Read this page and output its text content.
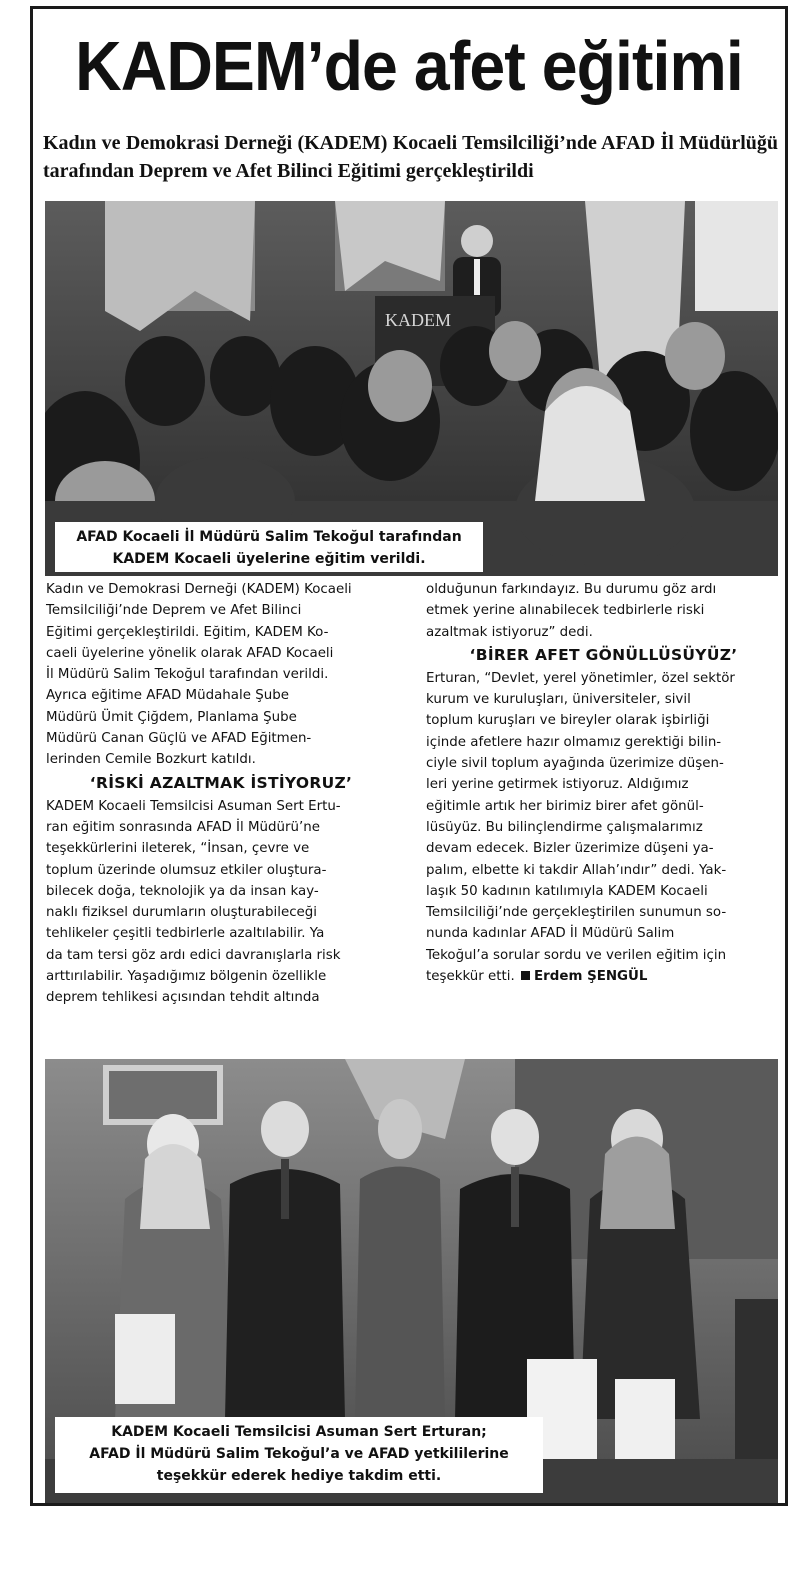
KADEM’de afet eğitimi
Kadın ve Demokrasi Derneği (KADEM) Kocaeli Temsilciliği’nde AFAD İl Müdürlüğü tarafından Deprem ve Afet Bilinci Eğitimi gerçekleştirildi
KADEM
AFAD Kocaeli İl Müdürü Salim Tekoğul tarafından
KADEM Kocaeli üyelerine eğitim verildi.
Kadın ve Demokrasi Derneği (KADEM) Kocaeli
Temsilciliği’nde Deprem ve Afet Bilinci
Eğitimi gerçekleştirildi. Eğitim, KADEM Ko-
caeli üyelerine yönelik olarak AFAD Kocaeli
İl Müdürü Salim Tekoğul tarafından verildi.
Ayrıca eğitime AFAD Müdahale Şube
Müdürü Ümit Çiğdem, Planlama Şube
Müdürü Canan Güçlü ve AFAD Eğitmen-
lerinden Cemile Bozkurt katıldı.
‘RİSKİ AZALTMAK İSTİYORUZ’
KADEM Kocaeli Temsilcisi Asuman Sert Ertu-
ran eğitim sonrasında AFAD İl Müdürü’ne
teşekkürlerini ileterek, “İnsan, çevre ve
toplum üzerinde olumsuz etkiler oluştura-
bilecek doğa, teknolojik ya da insan kay-
naklı fiziksel durumların oluşturabileceği
tehlikeler çeşitli tedbirlerle azaltılabilir. Ya
da tam tersi göz ardı edici davranışlarla risk
arttırılabilir. Yaşadığımız bölgenin özellikle
deprem tehlikesi açısından tehdit altında
olduğunun farkındayız. Bu durumu göz ardı
etmek yerine alınabilecek tedbirlerle riski
azaltmak istiyoruz” dedi.
‘BİRER AFET GÖNÜLLÜSÜYÜZ’
Erturan, “Devlet, yerel yönetimler, özel sektör
kurum ve kuruluşları, üniversiteler, sivil
toplum kuruşları ve bireyler olarak işbirliği
içinde afetlere hazır olmamız gerektiği bilin-
ciyle sivil toplum ayağında üzerimize düşen-
leri yerine getirmek istiyoruz. Aldığımız
eğitimle artık her birimiz birer afet gönül-
lüsüyüz. Bu bilinçlendirme çalışmalarımız
devam edecek. Bizler üzerimize düşeni ya-
palım, elbette ki takdir Allah’ındır” dedi. Yak-
laşık 50 kadının katılımıyla KADEM Kocaeli
Temsilciliği’nde gerçekleştirilen sunumun so-
nunda kadınlar AFAD İl Müdürü Salim
Tekoğul’a sorular sordu ve verilen eğitim için
teşekkür etti. Erdem ŞENGÜL
KADEM Kocaeli Temsilcisi Asuman Sert Erturan;
AFAD İl Müdürü Salim Tekoğul’a ve AFAD yetkililerine
teşekkür ederek hediye takdim etti.
